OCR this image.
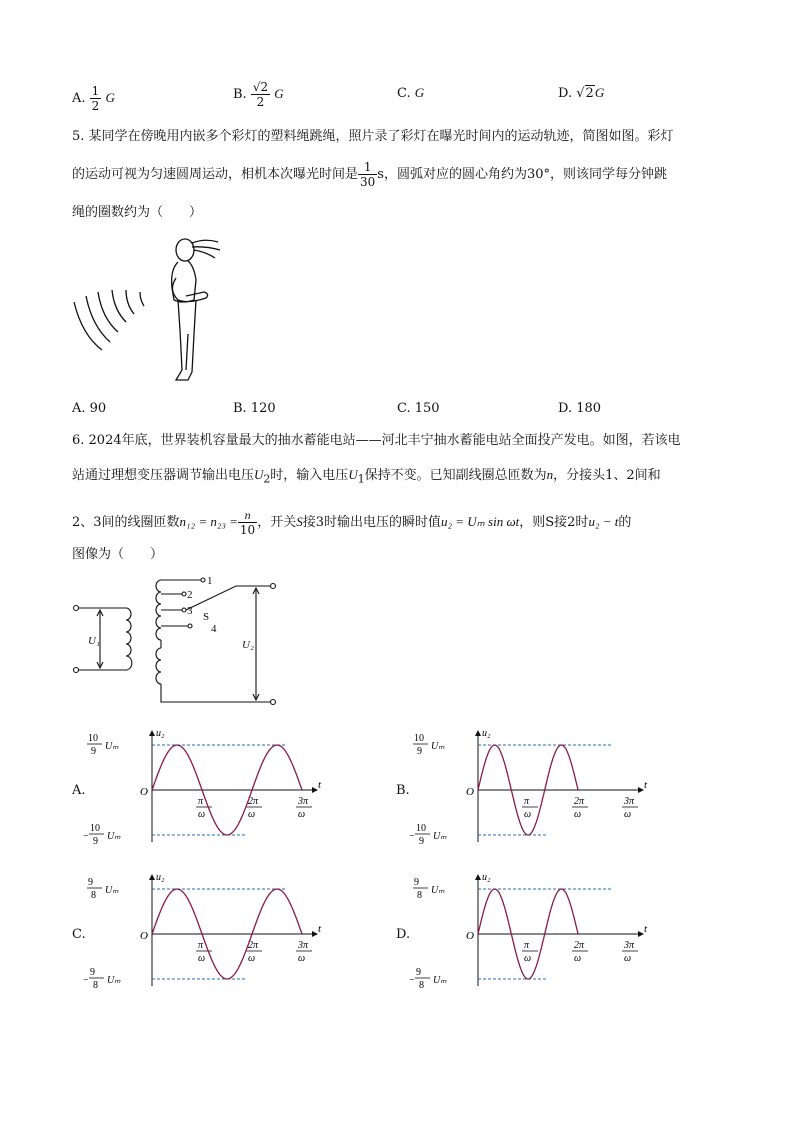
A. $\frac{1}{2}$ G	B. $\frac{√2}{2}$ G	C. G	D. √2G
5. 某同学在傍晚用内嵌多个彩灯的塑料绳跳绳，照片录了彩灯在曝光时间内的运动轨迹，简图如图。彩灯
的运动可视为匀速圆周运动，相机本次曝光时间是 $\frac{1}{30}$ s，圆弧对应的圆心角约为30°，则该同学每分钟跳
绳的圈数约为（　　）
A. 90	B. 120	C. 150	D. 180
6. 2024年底，世界装机容量最大的抽水蓄能电站——河北丰宁抽水蓄能电站全面投产发电。如图，若该电
站通过理想变压器调节输出电压$U_2$时，输入电压$U_1$保持不变。已知副线圈总匝数为n，分接头1、2间和
2、3间的线圈匝数$n_{12} = n_{23} = \frac{n}{10}$ ，开关S接3时输出电压的瞬时值u₂ = Uₘ sin ωt，则S接2时u₂ − t的
图像为（　　）
1
2
3
4
S
U₁	U₂
A.
u₂
t
O
10
9 Uₘ
−
10
9 Uₘ
π
ω
2π
ω
3π
ω
B.
u₂
t
O
10
9 Uₘ
−
10
9 Uₘ
π
ω
2π
ω
3π
ω
C.
u₂
t
O
9
8 Uₘ
−
9
8 Uₘ
π
ω
2π
ω
3π
ω
D.
u₂
t
O
9
8 Uₘ
−
9
8 Uₘ
π
ω
2π
ω
3π
ω
